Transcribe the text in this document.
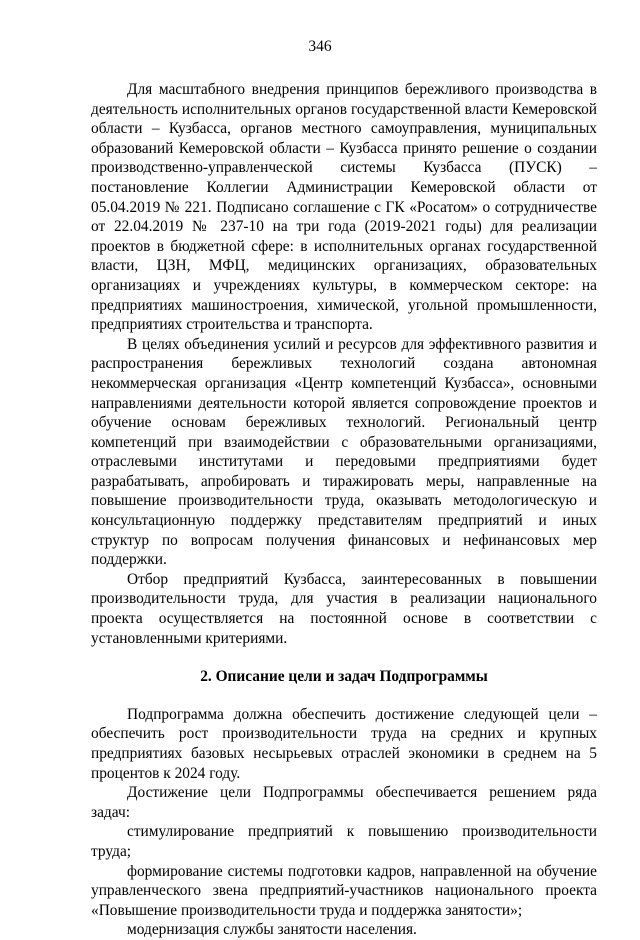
346

Для масштабного внедрения принципов бережливого производства в деятельность исполнительных органов государственной власти Кемеровской области – Кузбасса, органов местного самоуправления, муниципальных образований Кемеровской области – Кузбасса принято решение о создании производственно-управленческой системы Кузбасса (ПУСК) – постановление Коллегии Администрации Кемеровской области от 05.04.2019 № 221. Подписано соглашение с ГК «Росатом» о сотрудничестве от 22.04.2019 № 237-10 на три года (2019-2021 годы) для реализации проектов в бюджетной сфере: в исполнительных органах государственной власти, ЦЗН, МФЦ, медицинских организациях, образовательных организациях и учреждениях культуры, в коммерческом секторе: на предприятиях машиностроения, химической, угольной промышленности, предприятиях строительства и транспорта.

В целях объединения усилий и ресурсов для эффективного развития и распространения бережливых технологий создана автономная некоммерческая организация «Центр компетенций Кузбасса», основными направлениями деятельности которой является сопровождение проектов и обучение основам бережливых технологий. Региональный центр компетенций при взаимодействии с образовательными организациями, отраслевыми институтами и передовыми предприятиями будет разрабатывать, апробировать и тиражировать меры, направленные на повышение производительности труда, оказывать методологическую и консультационную поддержку представителям предприятий и иных структур по вопросам получения финансовых и нефинансовых мер поддержки.

Отбор предприятий Кузбасса, заинтересованных в повышении производительности труда, для участия в реализации национального проекта осуществляется на постоянной основе в соответствии с установленными критериями.

2. Описание цели и задач Подпрограммы

Подпрограмма должна обеспечить достижение следующей цели – обеспечить рост производительности труда на средних и крупных предприятиях базовых несырьевых отраслей экономики в среднем на 5 процентов к 2024 году.

Достижение цели Подпрограммы обеспечивается решением ряда задач:

стимулирование предприятий к повышению производительности труда;

формирование системы подготовки кадров, направленной на обучение управленческого звена предприятий-участников национального проекта «Повышение производительности труда и поддержка занятости»;

модернизация службы занятости населения.
